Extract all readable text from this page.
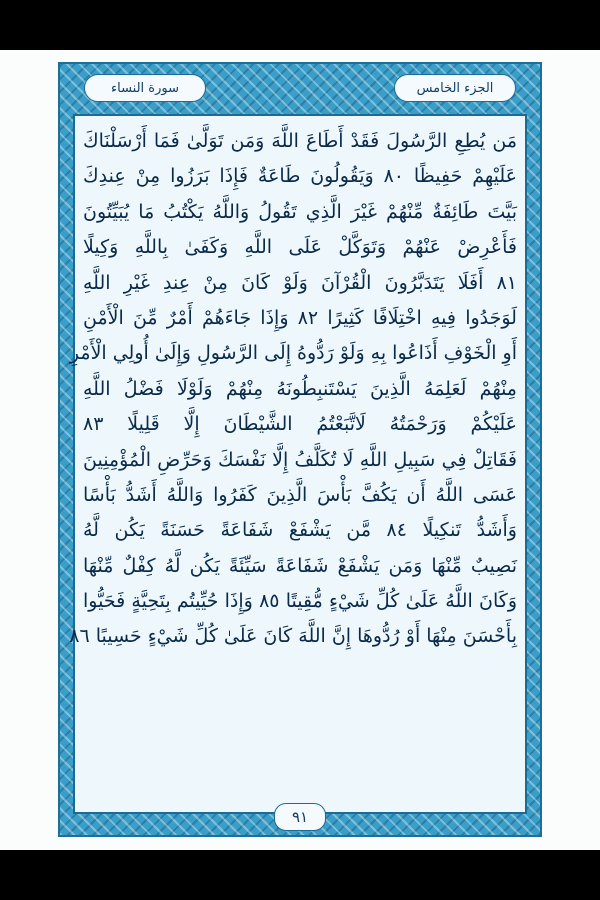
الجزء الخامس
سورة النساء
مَن يُطِعِ الرَّسُولَ فَقَدْ أَطَاعَ اللَّهَ وَمَن تَوَلَّىٰ فَمَا أَرْسَلْنَاكَ
عَلَيْهِمْ حَفِيظًا ٨٠ وَيَقُولُونَ طَاعَةٌ فَإِذَا بَرَزُوا مِنْ عِندِكَ
بَيَّتَ طَائِفَةٌ مِّنْهُمْ غَيْرَ الَّذِي تَقُولُ وَاللَّهُ يَكْتُبُ مَا يُبَيِّتُونَ
فَأَعْرِضْ عَنْهُمْ وَتَوَكَّلْ عَلَى اللَّهِ وَكَفَىٰ بِاللَّهِ وَكِيلًا
٨١ أَفَلَا يَتَدَبَّرُونَ الْقُرْآنَ وَلَوْ كَانَ مِنْ عِندِ غَيْرِ اللَّهِ
لَوَجَدُوا فِيهِ اخْتِلَافًا كَثِيرًا ٨٢ وَإِذَا جَاءَهُمْ أَمْرٌ مِّنَ الْأَمْنِ
أَوِ الْخَوْفِ أَذَاعُوا بِهِ وَلَوْ رَدُّوهُ إِلَى الرَّسُولِ وَإِلَىٰ أُولِي الْأَمْرِ
مِنْهُمْ لَعَلِمَهُ الَّذِينَ يَسْتَنبِطُونَهُ مِنْهُمْ وَلَوْلَا فَضْلُ اللَّهِ
عَلَيْكُمْ وَرَحْمَتُهُ لَاتَّبَعْتُمُ الشَّيْطَانَ إِلَّا قَلِيلًا ٨٣
فَقَاتِلْ فِي سَبِيلِ اللَّهِ لَا تُكَلَّفُ إِلَّا نَفْسَكَ وَحَرِّضِ الْمُؤْمِنِينَ
عَسَى اللَّهُ أَن يَكُفَّ بَأْسَ الَّذِينَ كَفَرُوا وَاللَّهُ أَشَدُّ بَأْسًا
وَأَشَدُّ تَنكِيلًا ٨٤ مَّن يَشْفَعْ شَفَاعَةً حَسَنَةً يَكُن لَّهُ
نَصِيبٌ مِّنْهَا وَمَن يَشْفَعْ شَفَاعَةً سَيِّئَةً يَكُن لَّهُ كِفْلٌ مِّنْهَا
وَكَانَ اللَّهُ عَلَىٰ كُلِّ شَيْءٍ مُّقِيتًا ٨٥ وَإِذَا حُيِّيتُم بِتَحِيَّةٍ فَحَيُّوا
بِأَحْسَنَ مِنْهَا أَوْ رُدُّوهَا إِنَّ اللَّهَ كَانَ عَلَىٰ كُلِّ شَيْءٍ حَسِيبًا ٨٦
٩١
